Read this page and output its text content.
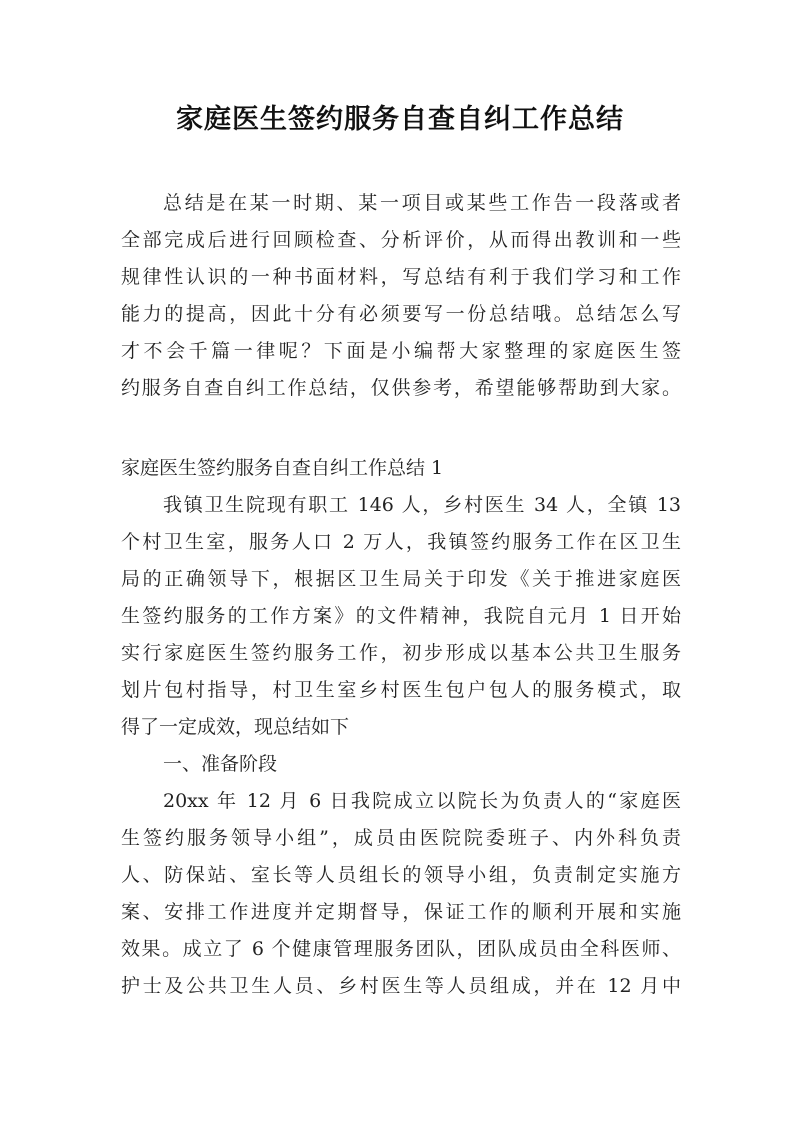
家庭医生签约服务自查自纠工作总结

总结是在某一时期、某一项目或某些工作告一段落或者

全部完成后进行回顾检查、分析评价，从而得出教训和一些

规律性认识的一种书面材料，写总结有利于我们学习和工作

能力的提高，因此十分有必须要写一份总结哦。总结怎么写

才不会千篇一律呢？下面是小编帮大家整理的家庭医生签

约服务自查自纠工作总结，仅供参考，希望能够帮助到大家。

家庭医生签约服务自查自纠工作总结 1

我镇卫生院现有职工 146 人，乡村医生 34 人，全镇 13

个村卫生室，服务人口 2 万人，我镇签约服务工作在区卫生

局的正确领导下，根据区卫生局关于印发《关于推进家庭医

生签约服务的工作方案》的文件精神，我院自元月 1 日开始

实行家庭医生签约服务工作，初步形成以基本公共卫生服务

划片包村指导，村卫生室乡村医生包户包人的服务模式，取

得了一定成效，现总结如下

一、准备阶段

20xx 年 12 月 6 日我院成立以院长为负责人的“家庭医

生签约服务领导小组”，成员由医院院委班子、内外科负责

人、防保站、室长等人员组长的领导小组，负责制定实施方

案、安排工作进度并定期督导，保证工作的顺利开展和实施

效果。成立了 6 个健康管理服务团队，团队成员由全科医师、

护士及公共卫生人员、乡村医生等人员组成，并在 12 月中
